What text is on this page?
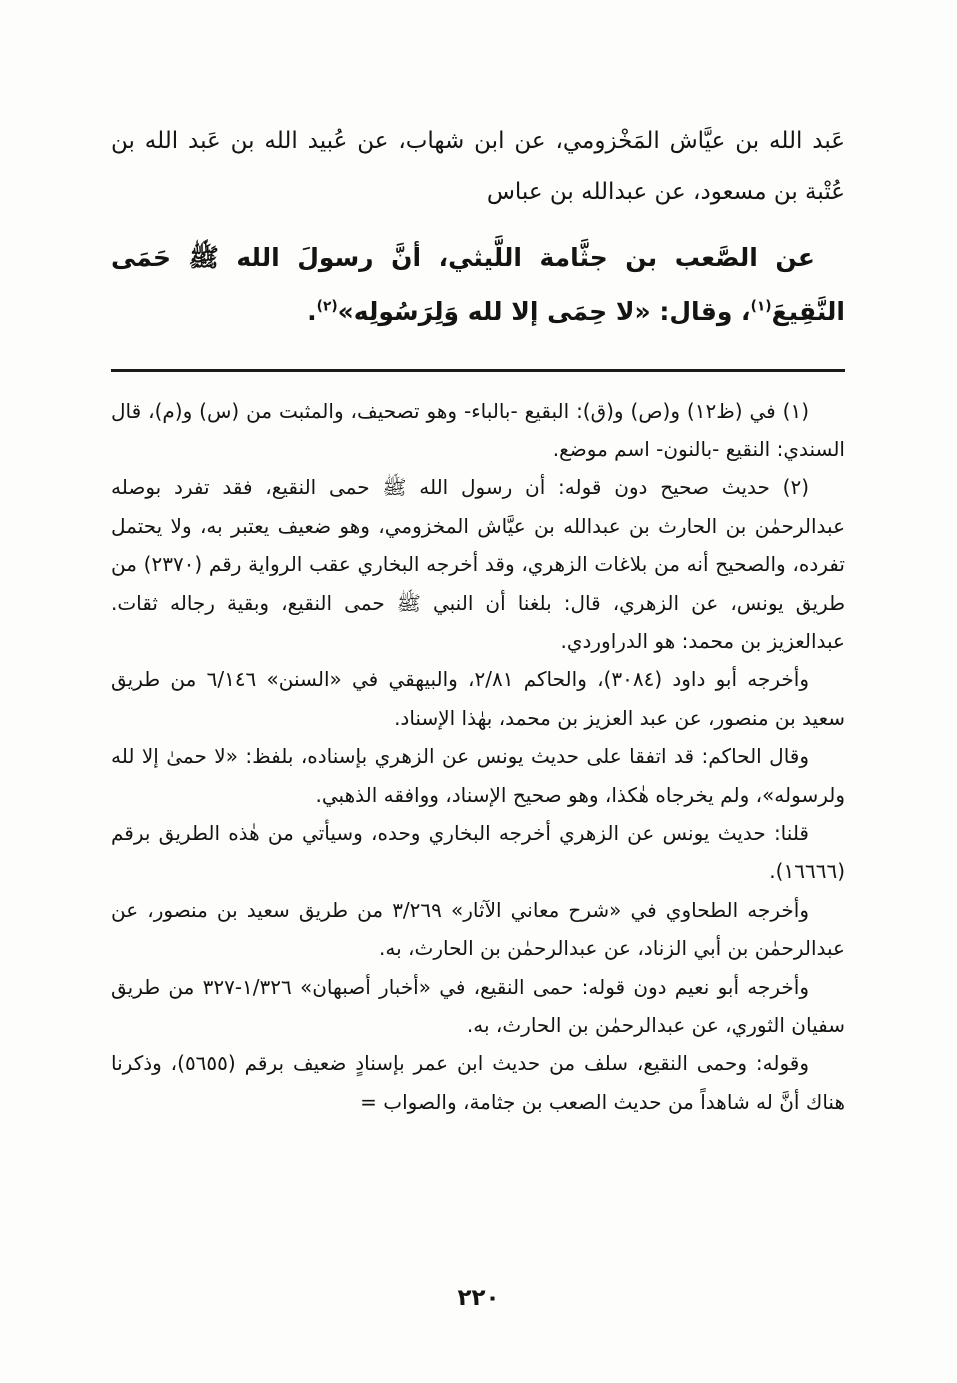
عَبد الله بن عيَّاش المَخْزومي، عن ابن شهاب، عن عُبيد الله بن عَبد الله بن عُتْبة بن مسعود، عن عبدالله بن عباس

عن الصَّعب بن جثَّامة اللَّيثي، أنَّ رسولَ الله ﷺ حَمَى النَّقِيعَ$^{(١)}$، وقال: «لا حِمَى إلا لله وَلِرَسُولِه»$^{(٢)}$.

(١) في (ظ١٢) و(ص) و(ق): البقيع -بالباء- وهو تصحيف، والمثبت من (س) و(م)، قال السندي: النقيع -بالنون- اسم موضع.

(٢) حديث صحيح دون قوله: أن رسول الله ﷺ حمى النقيع، فقد تفرد بوصله عبدالرحمٰن بن الحارث بن عبدالله بن عيَّاش المخزومي، وهو ضعيف يعتبر به، ولا يحتمل تفرده، والصحيح أنه من بلاغات الزهري، وقد أخرجه البخاري عقب الرواية رقم (٢٣٧٠) من طريق يونس، عن الزهري، قال: بلغنا أن النبي ﷺ حمى النقيع، وبقية رجاله ثقات. عبدالعزيز بن محمد: هو الدراوردي.

وأخرجه أبو داود (٣٠٨٤)، والحاكم ٢/٨١، والبيهقي في «السنن» ٦/١٤٦ من طريق سعيد بن منصور، عن عبد العزيز بن محمد، بهٰذا الإسناد.

وقال الحاكم: قد اتفقا على حديث يونس عن الزهري بإسناده، بلفظ: «لا حمىٰ إلا لله ولرسوله»، ولم يخرجاه هٰكذا، وهو صحيح الإسناد، ووافقه الذهبي.

قلنا: حديث يونس عن الزهري أخرجه البخاري وحده، وسيأتي من هٰذه الطريق برقم (١٦٦٦٦).

وأخرجه الطحاوي في «شرح معاني الآثار» ٣/٢٦٩ من طريق سعيد بن منصور، عن عبدالرحمٰن بن أبي الزناد، عن عبدالرحمٰن بن الحارث، به.

وأخرجه أبو نعيم دون قوله: حمى النقيع، في «أخبار أصبهان» ١/٣٢٦-٣٢٧ من طريق سفيان الثوري، عن عبدالرحمٰن بن الحارث، به.

وقوله: وحمى النقيع، سلف من حديث ابن عمر بإسنادٍ ضعيف برقم (٥٦٥٥)، وذكرنا هناك أنَّ له شاهداً من حديث الصعب بن جثامة، والصواب =

٢٢٠
